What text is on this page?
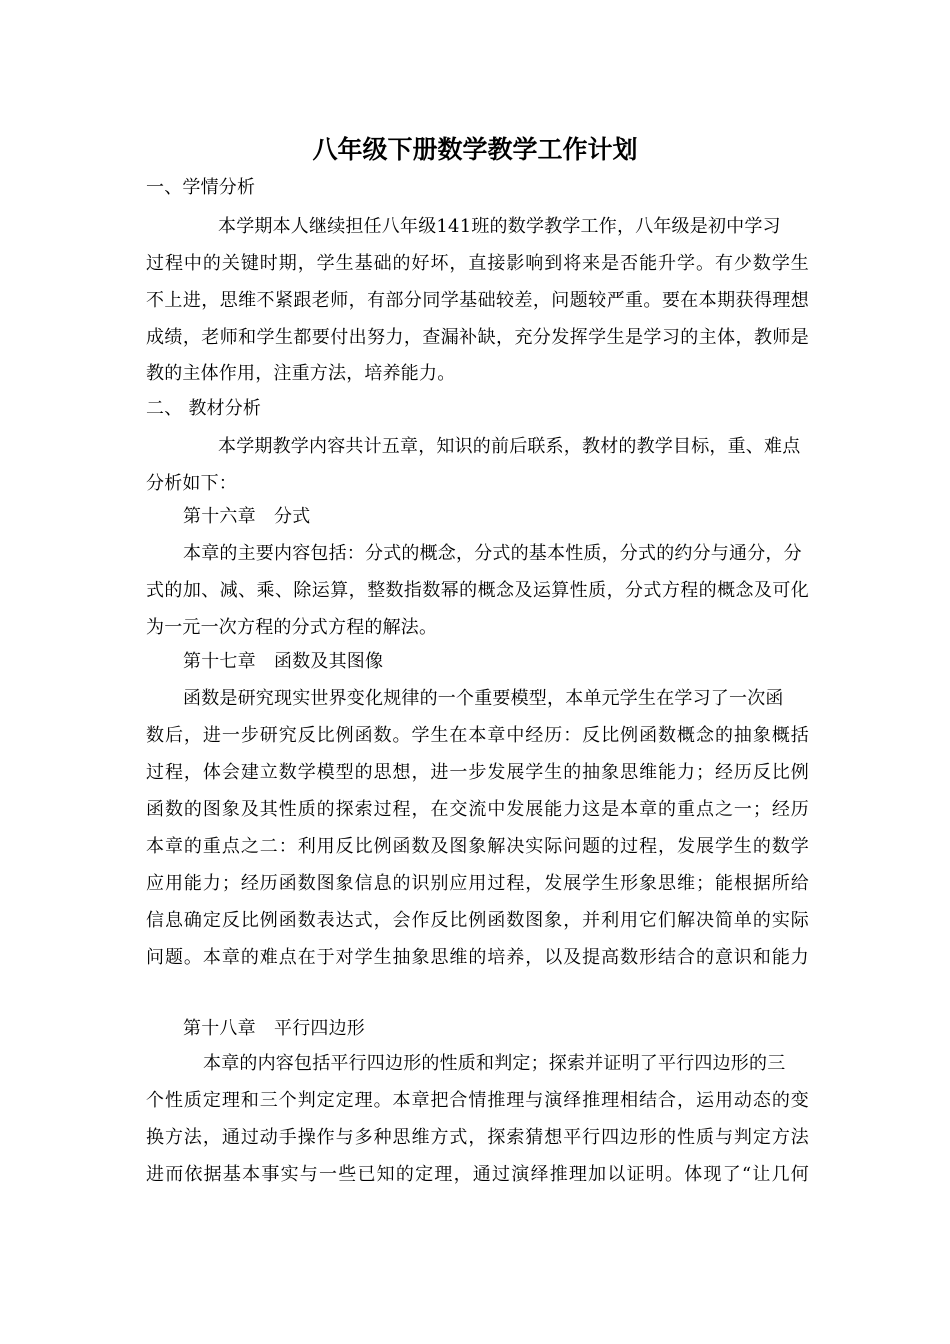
八年级下册数学教学工作计划
一、学情分析
本学期本人继续担任八年级141班的数学教学工作，八年级是初中学习
过程中的关键时期，学生基础的好坏，直接影响到将来是否能升学。有少数学生
不上进，思维不紧跟老师，有部分同学基础较差，问题较严重。要在本期获得理想
成绩，老师和学生都要付出努力，查漏补缺，充分发挥学生是学习的主体，教师是
教的主体作用，注重方法，培养能力。
二、 教材分析
本学期教学内容共计五章，知识的前后联系，教材的教学目标，重、难点
分析如下：
第十六章　分式
本章的主要内容包括：分式的概念，分式的基本性质，分式的约分与通分，分
式的加、减、乘、除运算，整数指数幂的概念及运算性质，分式方程的概念及可化
为一元一次方程的分式方程的解法。
第十七章　函数及其图像
函数是研究现实世界变化规律的一个重要模型，本单元学生在学习了一次函
数后，进一步研究反比例函数。学生在本章中经历：反比例函数概念的抽象概括
过程，体会建立数学模型的思想，进一步发展学生的抽象思维能力；经历反比例
函数的图象及其性质的探索过程，在交流中发展能力这是本章的重点之一；经历
本章的重点之二：利用反比例函数及图象解决实际问题的过程，发展学生的数学
应用能力；经历函数图象信息的识别应用过程，发展学生形象思维；能根据所给
信息确定反比例函数表达式，会作反比例函数图象，并利用它们解决简单的实际
问题。本章的难点在于对学生抽象思维的培养，以及提高数形结合的意识和能力
第十八章　平行四边形
本章的内容包括平行四边形的性质和判定；探索并证明了平行四边形的三
个性质定理和三个判定定理。本章把合情推理与演绎推理相结合，运用动态的变
换方法，通过动手操作与多种思维方式，探索猜想平行四边形的性质与判定方法
进而依据基本事实与一些已知的定理，通过演绎推理加以证明。体现了“让几何
